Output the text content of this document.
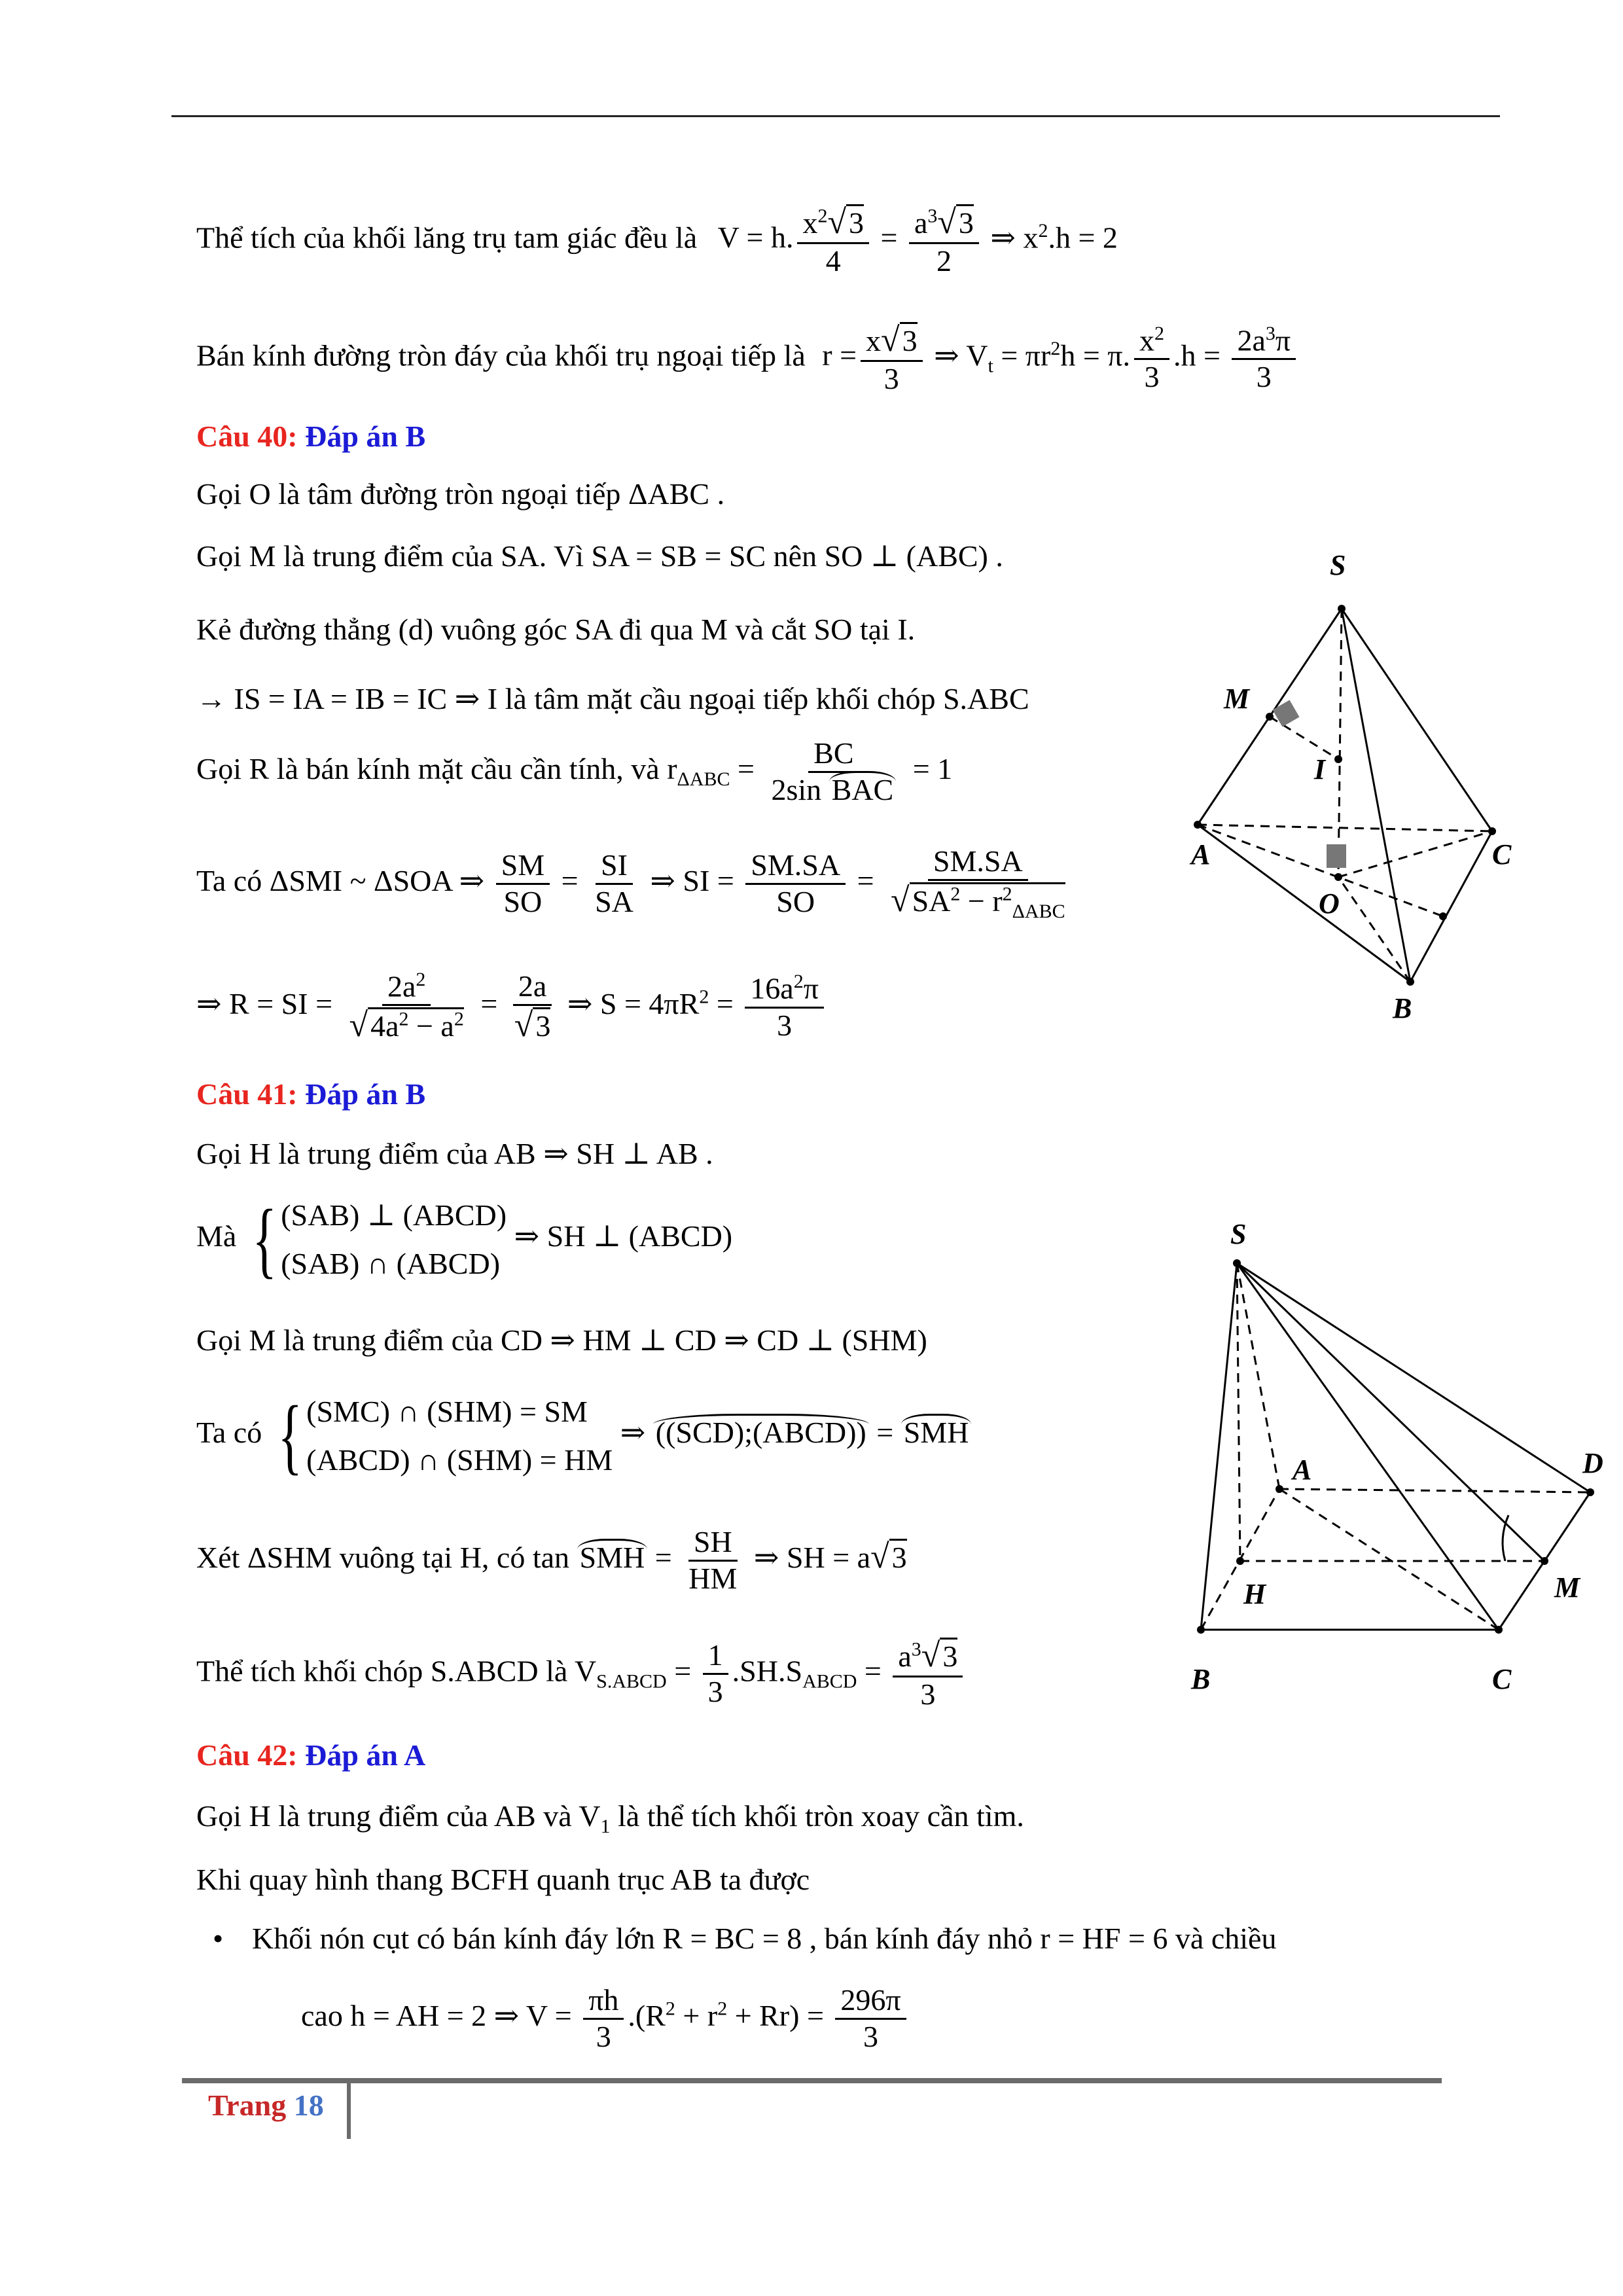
Thể tích của khối lăng trụ tam giác đều là V = h. $\frac{x^2√3}{4} = \frac{a^3√3}{2}$ ⇒ $x^2.h = 2$
Bán kính đường tròn đáy của khối trụ ngoại tiếp là $r = \frac{x√3}{3}$ ⇒ $V_t = \pi r^2h = \pi$. $\frac{x^2}{3} .h = \frac{2a^3\pi}{3}$
Câu 40: Đáp án B
Gọi O là tâm đường tròn ngoại tiếp ΔABC .
Gọi M là trung điểm của SA. Vì SA = SB = SC nên SO ⊥ (ABC) .
Kẻ đường thẳng (d) vuông góc SA đi qua M và cắt SO tại I.
→ IS = IA = IB = IC ⇒ I là tâm mặt cầu ngoại tiếp khối chóp S.ABC
Gọi R là bán kính mặt cầu cần tính, và $r_{\Delta ABC} = \frac{BC}{\text{2sin BAC}} = 1$
Ta có ΔSMI ~ ΔSOA ⇒ $\frac{SM}{SO} = \frac{SI}{SA}$ ⇒ SI = $\frac{SM.SA}{SO} = \frac{SM.SA}{√SA^2 - r^2_{\Delta ABC}}$
⇒ R = SI = $\frac{2a^2}{√4a^2 - a^2} = \frac{2a}{√3}$ ⇒ $S = 4\pi R^2 = \frac{16a^2\pi}{3}$
S
M
I
A
O
C
B
Câu 41: Đáp án B
Gọi H là trung điểm của AB ⇒ SH ⊥ AB .
Mà { (SAB) ⊥ (ABCD)
(SAB) ∩ (ABCD)
⇒ SH ⊥ (ABCD)
Gọi M là trung điểm của CD ⇒ HM ⊥ CD ⇒ CD ⊥ (SHM)
Ta có { (SMC) ∩ (SHM) = SM
(ABCD) ∩ (SHM) = HM
⇒ ((SCD);(ABCD)) = SMH
Xét ΔSHM vuông tại H, có tan SMH = $\frac{SH}{HM}$ ⇒ SH = a√3
Thể tích khối chóp S.ABCD là $V_{S.ABCD} = \frac{1}{3} .SH.S_{ABCD} = \frac{a^3√3}{3}$
S
A	D
H	M
B	C
Câu 42: Đáp án A
Gọi H là trung điểm của AB và $V_1$ là thể tích khối tròn xoay cần tìm.
Khi quay hình thang BCFH quanh trục AB ta được
• Khối nón cụt có bán kính đáy lớn R = BC = 8 , bán kính đáy nhỏ r = HF = 6 và chiều
cao h = AH = 2 ⇒ $V = \frac{\pi h}{3} .(R^2 + r^2 + Rr) = \frac{296\pi}{3}$
Trang 18
